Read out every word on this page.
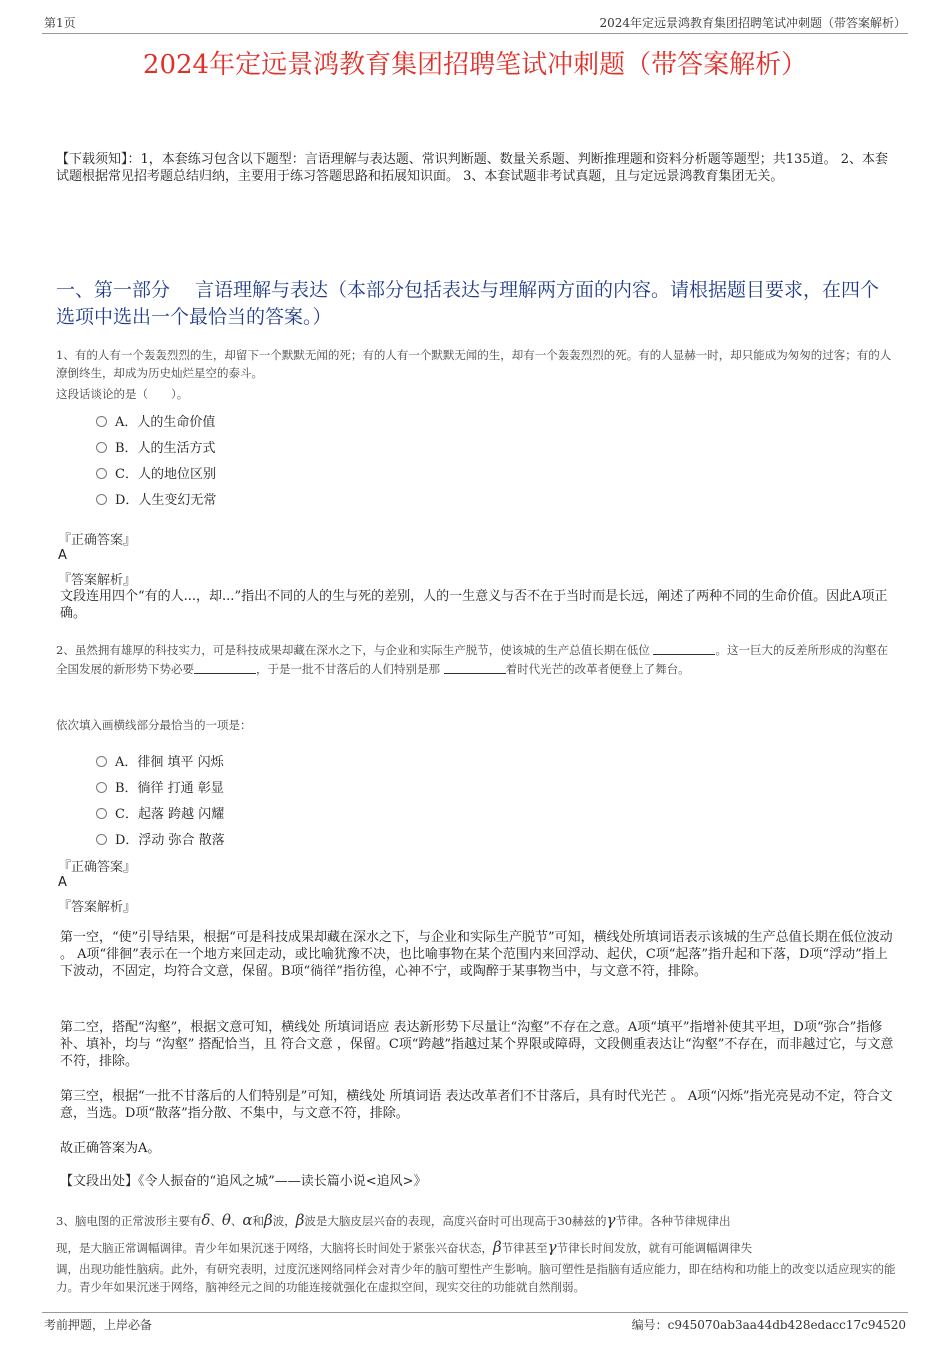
第1页	2024年定远景鸿教育集团招聘笔试冲刺题（带答案解析）
2024年定远景鸿教育集团招聘笔试冲刺题（带答案解析）
【下载须知】：1，本套练习包含以下题型：言语理解与表达题、常识判断题、数量关系题、判断推理题和资料分析题等题型；共135道。 2、本套试题根据常见招考题总结归纳，主要用于练习答题思路和拓展知识面。 3、本套试题非考试真题，且与定远景鸿教育集团无关。
一、第一部分　 言语理解与表达（本部分包括表达与理解两方面的内容。请根据题目要求，在四个选项中选出一个最恰当的答案。）
1、有的人有一个轰轰烈烈的生，却留下一个默默无闻的死；有的人有一个默默无闻的生，却有一个轰轰烈烈的死。有的人显赫一时，却只能成为匆匆的过客；有的人潦倒终生，却成为历史灿烂星空的泰斗。
这段话谈论的是（　　）。
A．人的生命价值
B．人的生活方式
C．人的地位区别
D．人生变幻无常
『正确答案』
A
『答案解析』
文段连用四个“有的人...，却...”指出不同的人的生与死的差别，人的一生意义与否不在于当时而是长远，阐述了两种不同的生命价值。因此A项正确。
2、虽然拥有雄厚的科技实力，可是科技成果却藏在深水之下，与企业和实际生产脱节，使该城的生产总值长期在低位	。这一巨大的反差所形成的沟壑在全国发展的新形势下势必要	，于是一批不甘落后的人们特别是那	着时代光芒的改革者便登上了舞台。
依次填入画横线部分最恰当的一项是：
A．徘徊 填平 闪烁
B．徜徉 打通 彰显
C．起落 跨越 闪耀
D．浮动 弥合 散落
『正确答案』
A
『答案解析』
第一空，“使”引导结果，根据“可是科技成果却藏在深水之下，与企业和实际生产脱节”可知，横线处所填词语表示该城的生产总值长期在低位波动 。 A项“徘徊”表示在一个地方来回走动，或比喻犹豫不决，也比喻事物在某个范围内来回浮动、起伏，C项“起落”指升起和下落，D项“浮动”指上下波动，不固定，均符合文意，保留。B项“徜徉”指彷徨，心神不宁，或陶醉于某事物当中，与文意不符，排除。
第二空，搭配“沟壑”，根据文意可知，横线处 所填词语应 表达新形势下尽量让“沟壑”不存在之意。A项“填平”指增补使其平坦，D项“弥合”指修补、填补，均与 “沟壑” 搭配恰当，且 符合文意 ，保留。C项“跨越”指越过某个界限或障碍，文段侧重表达让“沟壑”不存在，而非越过它，与文意不符，排除。
第三空，根据“一批不甘落后的人们特别是”可知，横线处 所填词语 表达改革者们不甘落后，具有时代光芒 。 A项“闪烁”指光亮晃动不定，符合文意，当选。D项“散落”指分散、不集中，与文意不符，排除。
故正确答案为A。
【文段出处】《令人振奋的“追风之城”——读长篇小说<追风>》
3、脑电图的正常波形主要有δ、θ、α和β波，β波是大脑皮层兴奋的表现，高度兴奋时可出现高于30赫兹的γ节律。各种节律规律出
现，是大脑正常调幅调律。青少年如果沉迷于网络，大脑将长时间处于紧张兴奋状态，β节律甚至γ节律长时间发放，就有可能调幅调律失
调，出现功能性脑病。此外，有研究表明，过度沉迷网络同样会对青少年的脑可塑性产生影响。脑可塑性是指脑有适应能力，即在结构和功能上的改变以适应现实的能力。青少年如果沉迷于网络，脑神经元之间的功能连接就强化在虚拟空间，现实交往的功能就自然削弱。
考前押题，上岸必备	编号：c945070ab3aa44db428edacc17c94520
